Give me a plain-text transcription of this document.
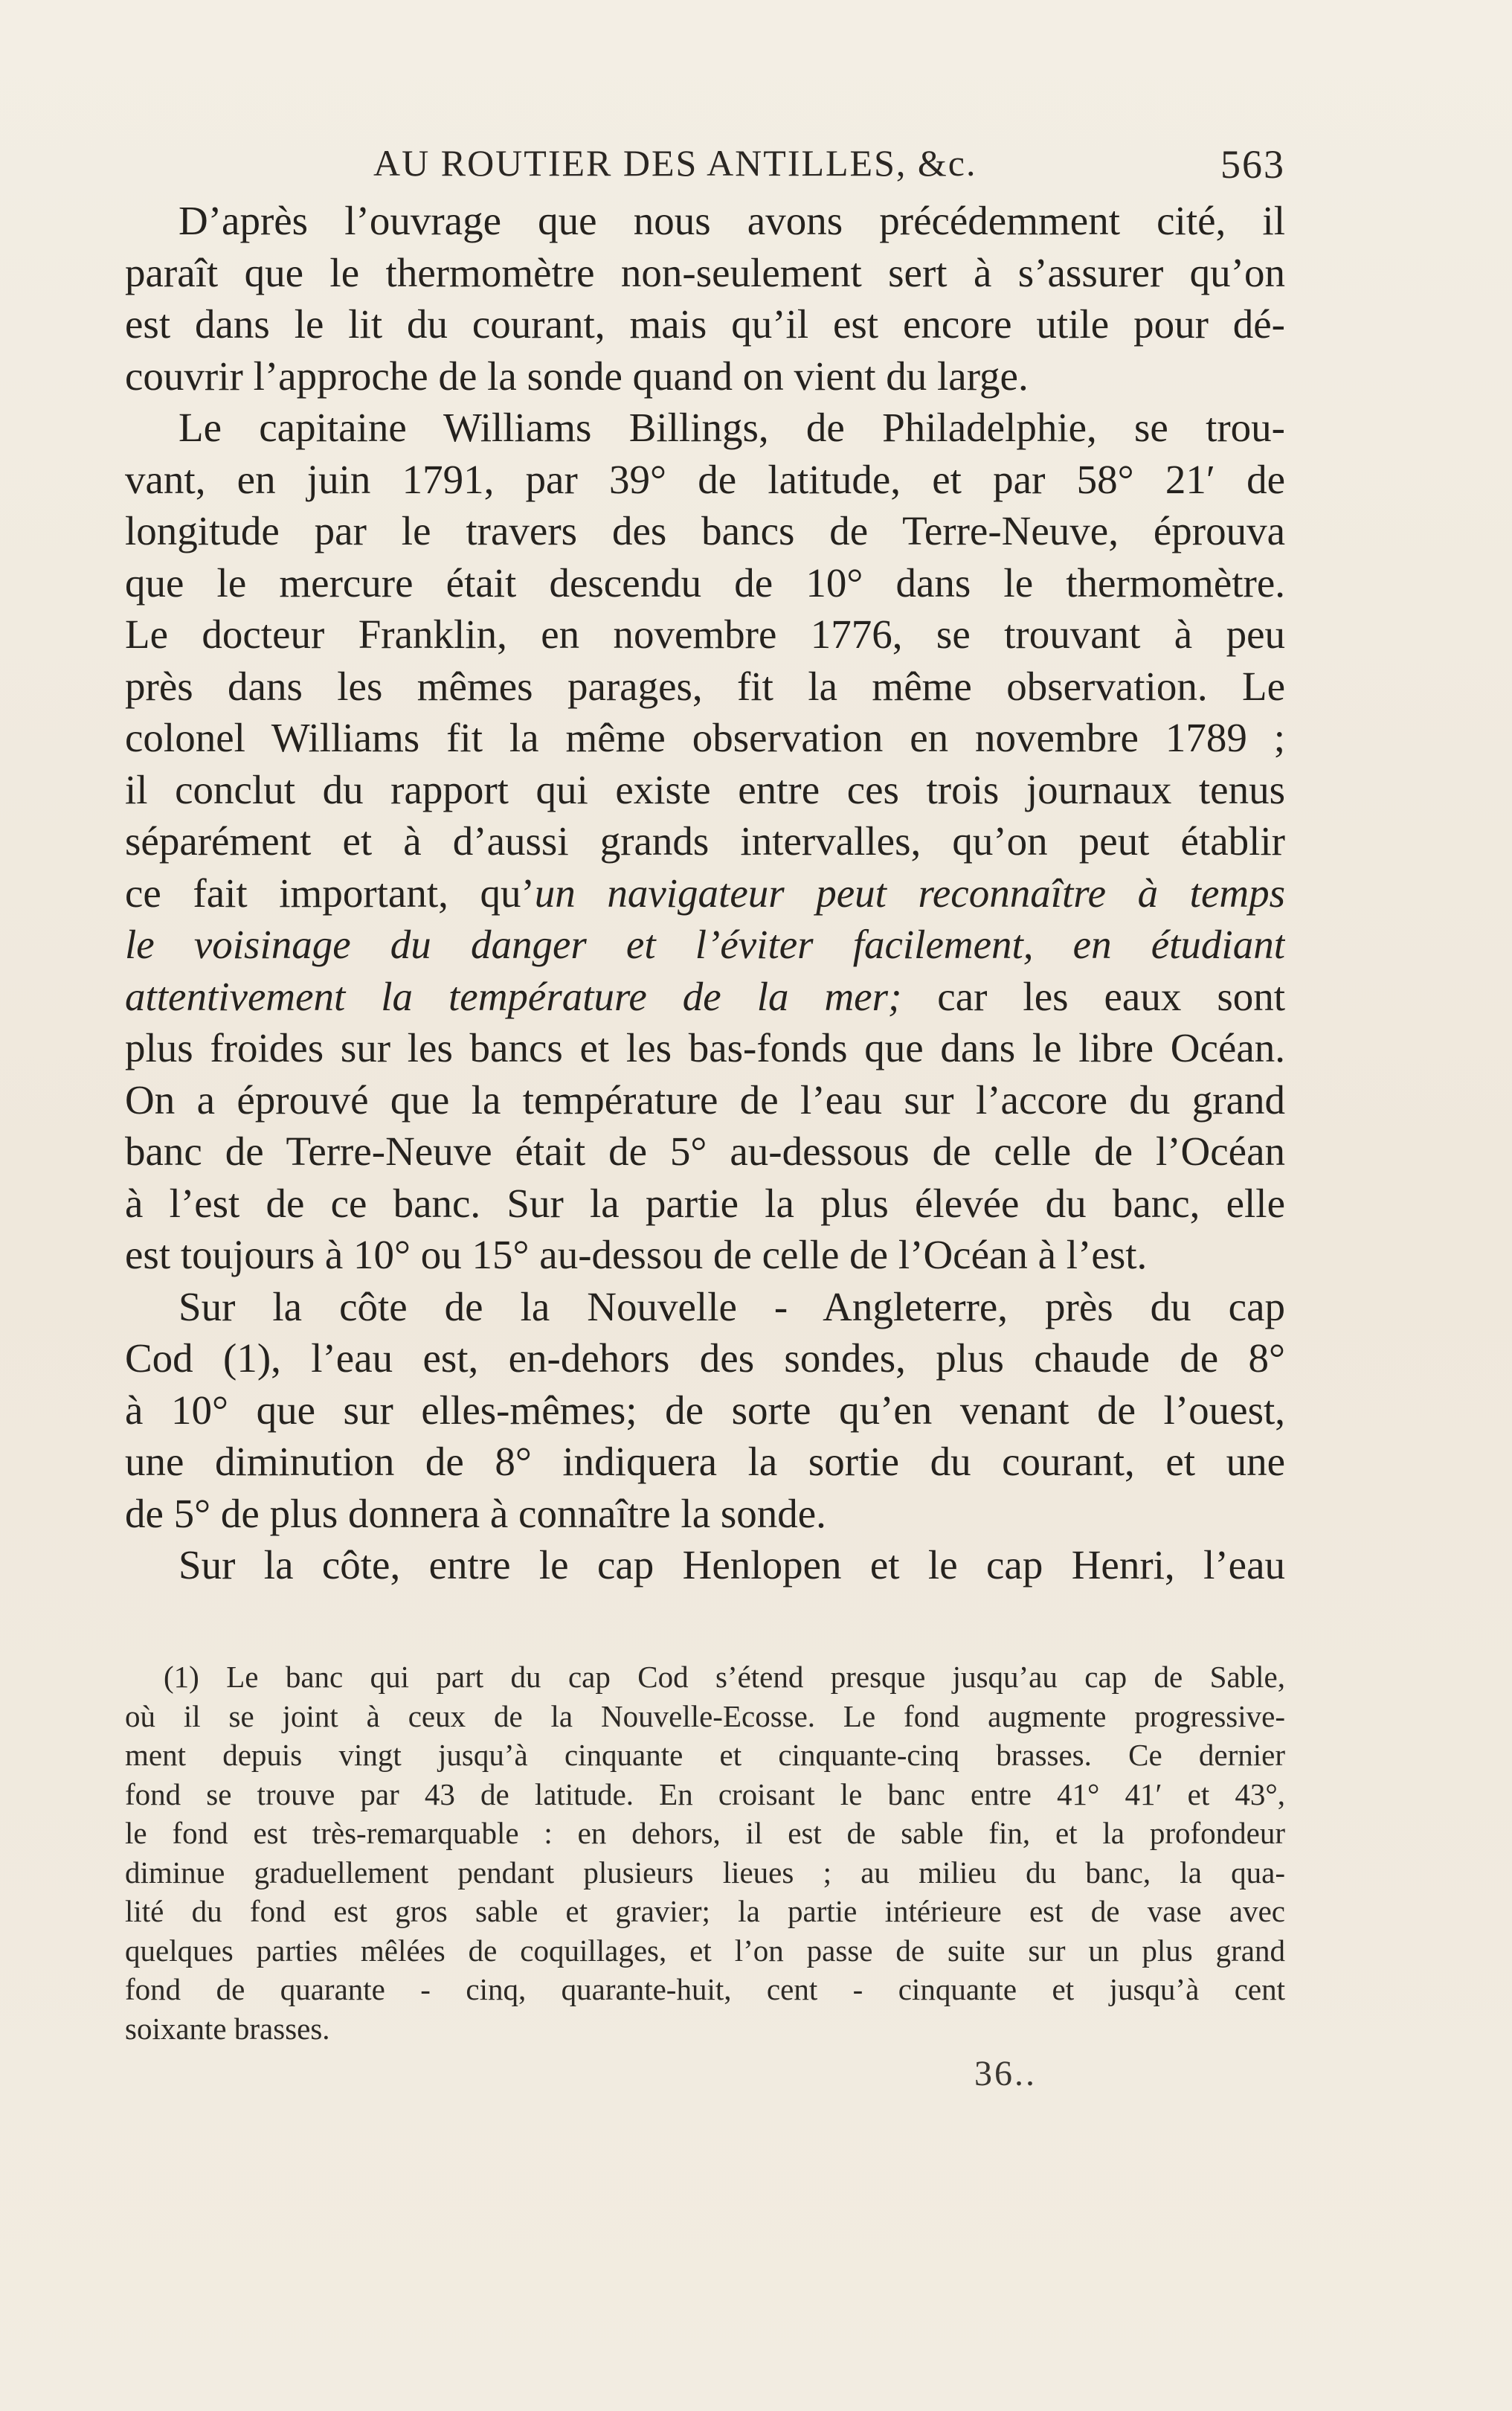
AU ROUTIER DES ANTILLES, &c.	563
D’après l’ouvrage que nous avons précédemment cité, il
paraît que le thermomètre non-seulement sert à s’assurer qu’on
est dans le lit du courant, mais qu’il est encore utile pour dé-
couvrir l’approche de la sonde quand on vient du large.
Le capitaine Williams Billings, de Philadelphie, se trou-
vant, en juin 1791, par 39° de latitude, et par 58° 21′ de
longitude par le travers des bancs de Terre-Neuve, éprouva
que le mercure était descendu de 10° dans le thermomètre.
Le docteur Franklin, en novembre 1776, se trouvant à peu
près dans les mêmes parages, fit la même observation. Le
colonel Williams fit la même observation en novembre 1789 ;
il conclut du rapport qui existe entre ces trois journaux tenus
séparément et à d’aussi grands intervalles, qu’on peut établir
ce fait important, qu’un navigateur peut reconnaître à temps
le voisinage du danger et l’éviter facilement, en étudiant
attentivement la température de la mer; car les eaux sont
plus froides sur les bancs et les bas-fonds que dans le libre Océan.
On a éprouvé que la température de l’eau sur l’accore du grand
banc de Terre-Neuve était de 5° au-dessous de celle de l’Océan
à l’est de ce banc. Sur la partie la plus élevée du banc, elle
est toujours à 10° ou 15° au-dessou de celle de l’Océan à l’est.
Sur la côte de la Nouvelle - Angleterre, près du cap
Cod (1), l’eau est, en-dehors des sondes, plus chaude de 8°
à 10° que sur elles-mêmes; de sorte qu’en venant de l’ouest,
une diminution de 8° indiquera la sortie du courant, et une
de 5° de plus donnera à connaître la sonde.
Sur la côte, entre le cap Henlopen et le cap Henri, l’eau
(1) Le banc qui part du cap Cod s’étend presque jusqu’au cap de Sable,
où il se joint à ceux de la Nouvelle-Ecosse. Le fond augmente progressive-
ment depuis vingt jusqu’à cinquante et cinquante-cinq brasses. Ce dernier
fond se trouve par 43 de latitude. En croisant le banc entre 41° 41′ et 43°,
le fond est très-remarquable : en dehors, il est de sable fin, et la profondeur
diminue graduellement pendant plusieurs lieues ; au milieu du banc, la qua-
lité du fond est gros sable et gravier; la partie intérieure est de vase avec
quelques parties mêlées de coquillages, et l’on passe de suite sur un plus grand
fond de quarante - cinq, quarante-huit, cent - cinquante et jusqu’à cent
soixante brasses.
36..
